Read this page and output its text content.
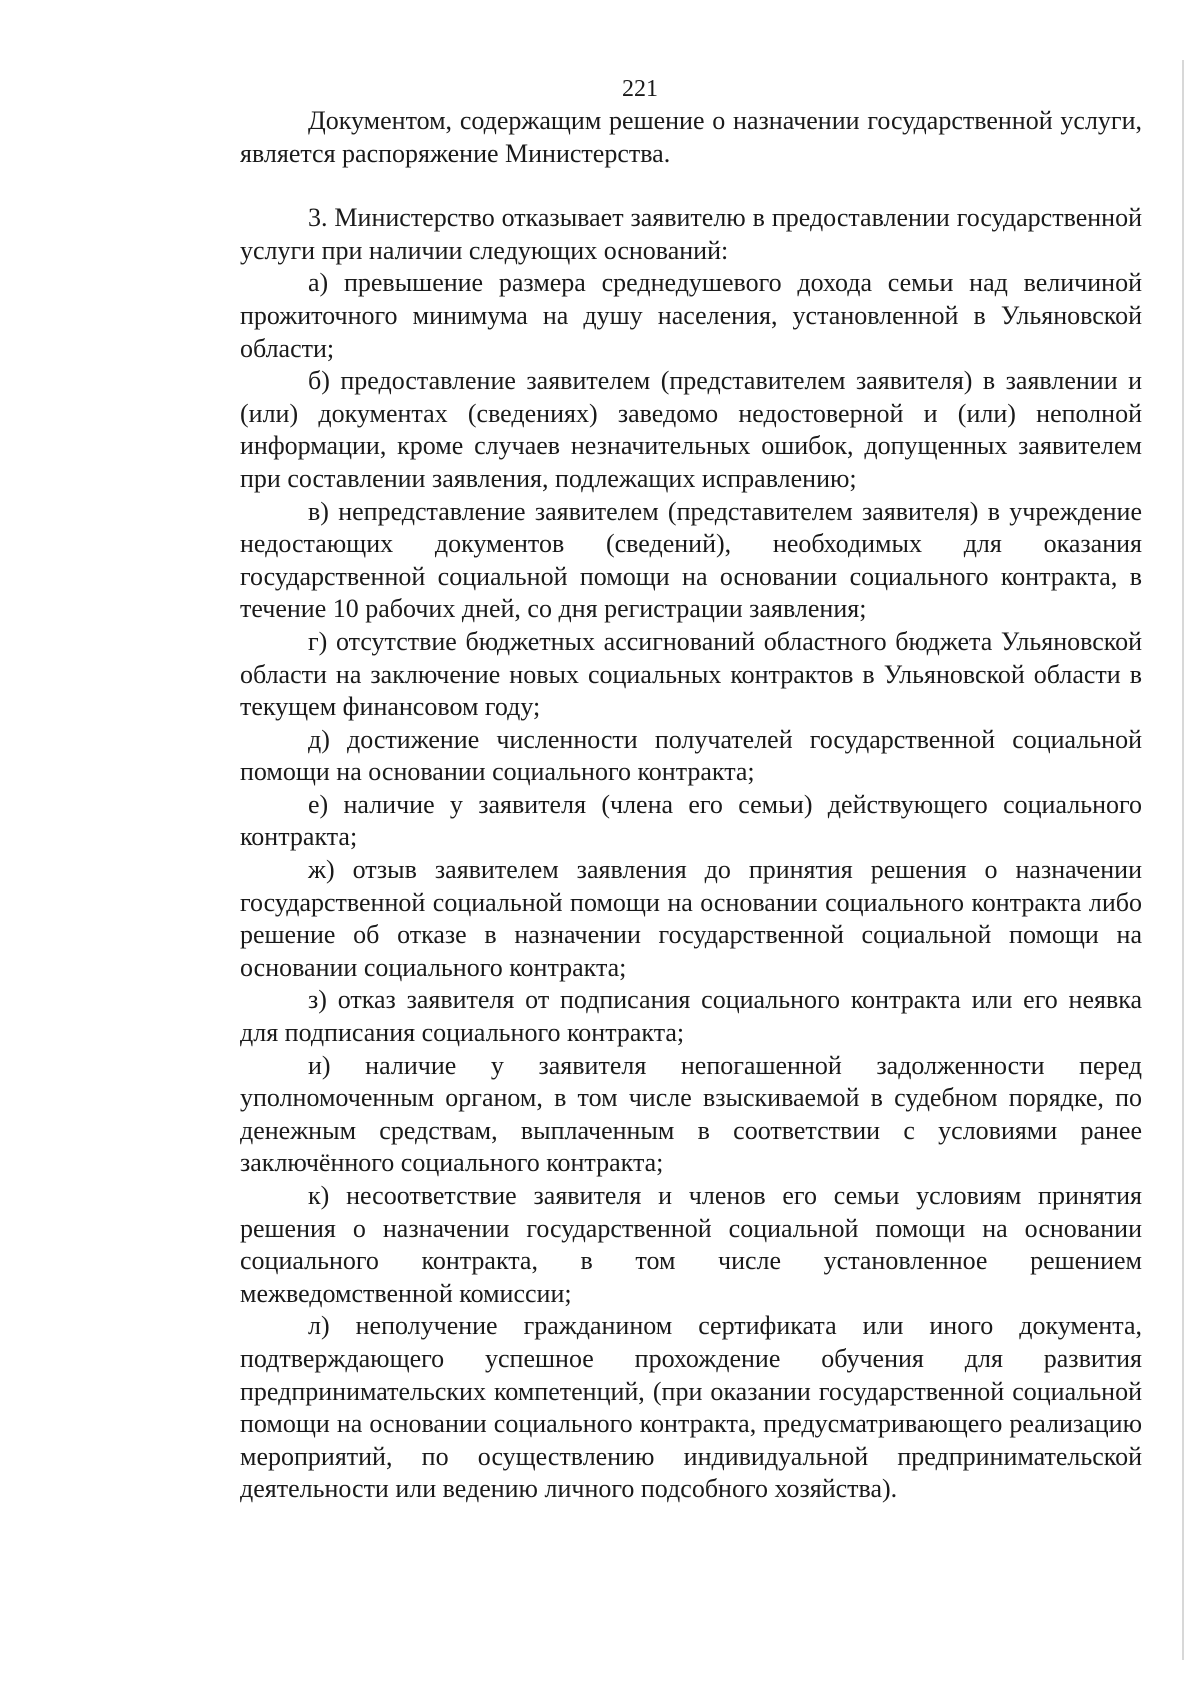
221

Документом, содержащим решение о назначении государственной услуги, является распоряжение Министерства.

3. Министерство отказывает заявителю в предоставлении государственной услуги при наличии следующих оснований:

а) превышение размера среднедушевого дохода семьи над величиной прожиточного минимума на душу населения, установленной в Ульяновской области;

б) предоставление заявителем (представителем заявителя) в заявлении и (или) документах (сведениях) заведомо недостоверной и (или) неполной информации, кроме случаев незначительных ошибок, допущенных заявителем при составлении заявления, подлежащих исправлению;

в) непредставление заявителем (представителем заявителя) в учреждение недостающих документов (сведений), необходимых для оказания государственной социальной помощи на основании социального контракта, в течение 10 рабочих дней, со дня регистрации заявления;

г) отсутствие бюджетных ассигнований областного бюджета Ульяновской области на заключение новых социальных контрактов в Ульяновской области в текущем финансовом году;

д) достижение численности получателей государственной социальной помощи на основании социального контракта;

е) наличие у заявителя (члена его семьи) действующего социального контракта;

ж) отзыв заявителем заявления до принятия решения о назначении государственной социальной помощи на основании социального контракта либо решение об отказе в назначении государственной социальной помощи на основании социального контракта;

з) отказ заявителя от подписания социального контракта или его неявка для подписания социального контракта;

и) наличие у заявителя непогашенной задолженности перед уполномоченным органом, в том числе взыскиваемой в судебном порядке, по денежным средствам, выплаченным в соответствии с условиями ранее заключённого социального контракта;

к) несоответствие заявителя и членов его семьи условиям принятия решения о назначении государственной социальной помощи на основании социального контракта, в том числе установленное решением межведомственной комиссии;

л) неполучение гражданином сертификата или иного документа, подтверждающего успешное прохождение обучения для развития предпринимательских компетенций, (при оказании государственной социальной помощи на основании социального контракта, предусматривающего реализацию мероприятий, по осуществлению индивидуальной предпринимательской деятельности или ведению личного подсобного хозяйства).
